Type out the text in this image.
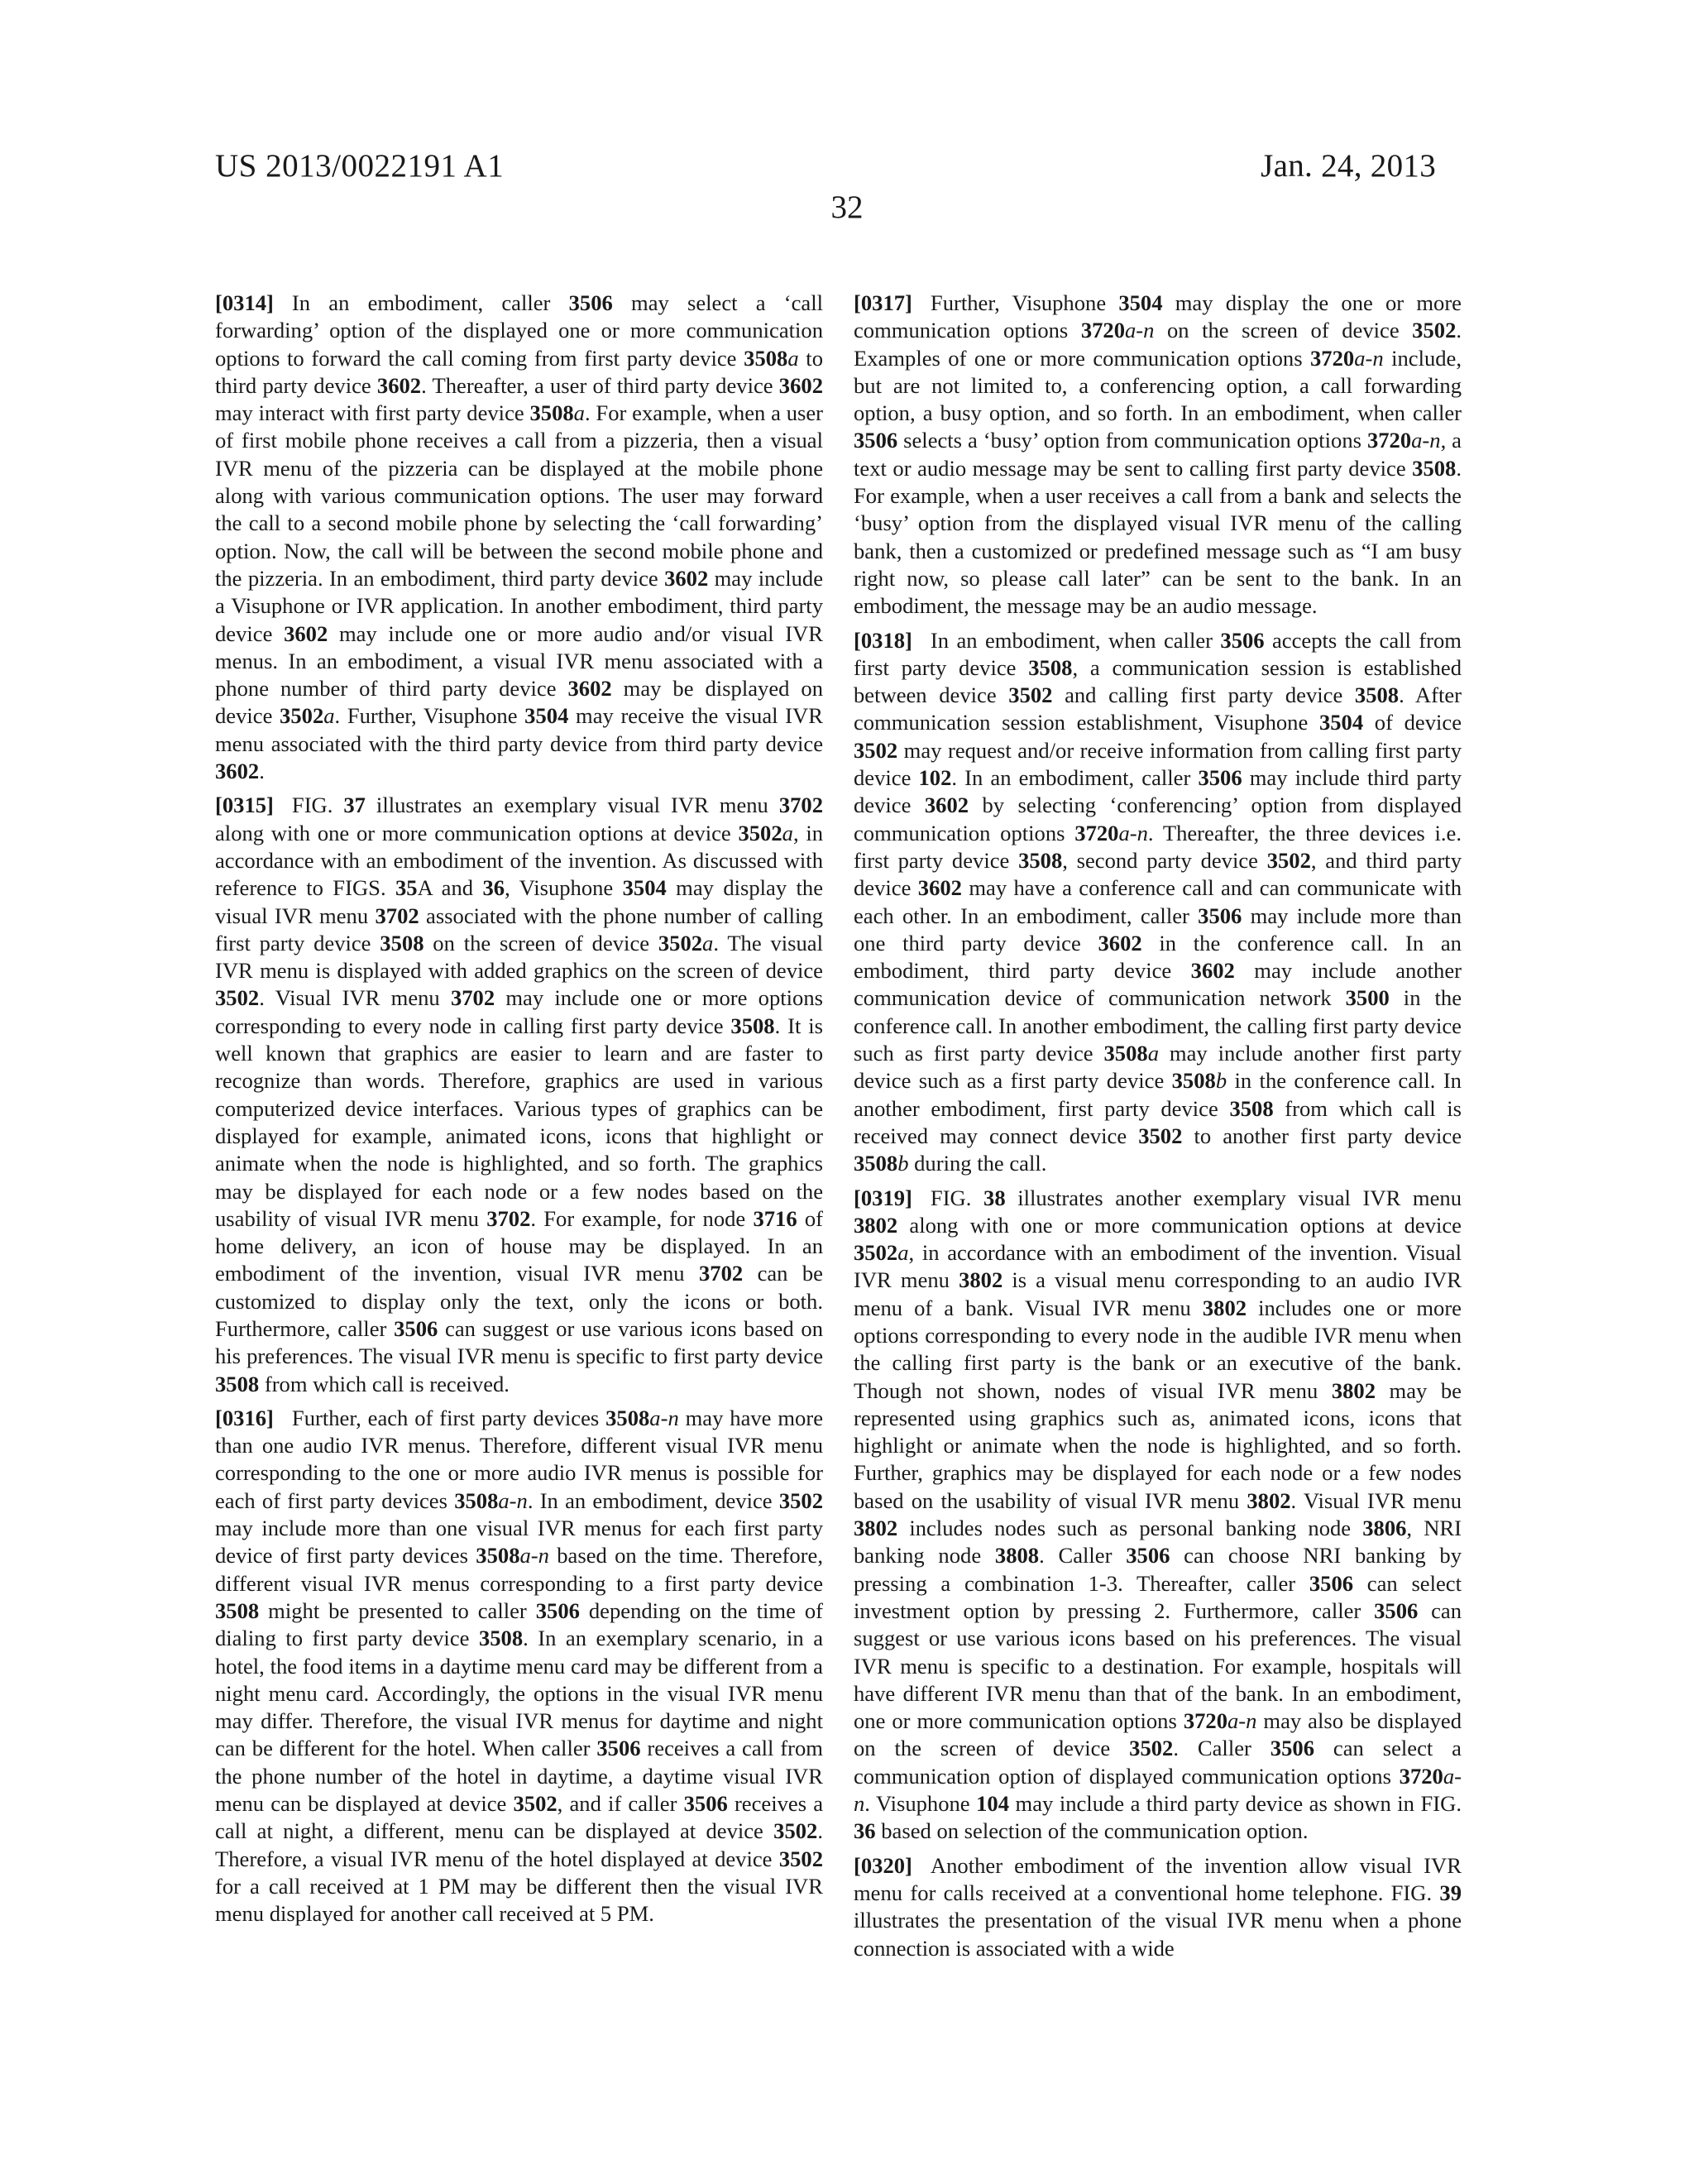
US 2013/0022191 A1	Jan. 24, 2013
32

[0314] In an embodiment, caller 3506 may select a ‘call forwarding’ option of the displayed one or more communication options to forward the call coming from first party device 3508a to third party device 3602. Thereafter, a user of third party device 3602 may interact with first party device 3508a. For example, when a user of first mobile phone receives a call from a pizzeria, then a visual IVR menu of the pizzeria can be displayed at the mobile phone along with various communication options. The user may forward the call to a second mobile phone by selecting the ‘call forwarding’ option. Now, the call will be between the second mobile phone and the pizzeria. In an embodiment, third party device 3602 may include a Visuphone or IVR application. In another embodiment, third party device 3602 may include one or more audio and/or visual IVR menus. In an embodiment, a visual IVR menu associated with a phone number of third party device 3602 may be displayed on device 3502a. Further, Visuphone 3504 may receive the visual IVR menu associated with the third party device from third party device 3602.

[0315] FIG. 37 illustrates an exemplary visual IVR menu 3702 along with one or more communication options at device 3502a, in accordance with an embodiment of the invention. As discussed with reference to FIGS. 35A and 36, Visuphone 3504 may display the visual IVR menu 3702 associated with the phone number of calling first party device 3508 on the screen of device 3502a. The visual IVR menu is displayed with added graphics on the screen of device 3502. Visual IVR menu 3702 may include one or more options corresponding to every node in calling first party device 3508. It is well known that graphics are easier to learn and are faster to recognize than words. Therefore, graphics are used in various computerized device interfaces. Various types of graphics can be displayed for example, animated icons, icons that highlight or animate when the node is highlighted, and so forth. The graphics may be displayed for each node or a few nodes based on the usability of visual IVR menu 3702. For example, for node 3716 of home delivery, an icon of house may be displayed. In an embodiment of the invention, visual IVR menu 3702 can be customized to display only the text, only the icons or both. Furthermore, caller 3506 can suggest or use various icons based on his preferences. The visual IVR menu is specific to first party device 3508 from which call is received.

[0316] Further, each of first party devices 3508a-n may have more than one audio IVR menus. Therefore, different visual IVR menu corresponding to the one or more audio IVR menus is possible for each of first party devices 3508a-n. In an embodiment, device 3502 may include more than one visual IVR menus for each first party device of first party devices 3508a-n based on the time. Therefore, different visual IVR menus corresponding to a first party device 3508 might be presented to caller 3506 depending on the time of dialing to first party device 3508. In an exemplary scenario, in a hotel, the food items in a daytime menu card may be different from a night menu card. Accordingly, the options in the visual IVR menu may differ. Therefore, the visual IVR menus for daytime and night can be different for the hotel. When caller 3506 receives a call from the phone number of the hotel in daytime, a daytime visual IVR menu can be displayed at device 3502, and if caller 3506 receives a call at night, a different, menu can be displayed at device 3502. Therefore, a visual IVR menu of the hotel displayed at device 3502 for a call received at 1 PM may be different then the visual IVR menu displayed for another call received at 5 PM.

[0317] Further, Visuphone 3504 may display the one or more communication options 3720a-n on the screen of device 3502. Examples of one or more communication options 3720a-n include, but are not limited to, a conferencing option, a call forwarding option, a busy option, and so forth. In an embodiment, when caller 3506 selects a ‘busy’ option from communication options 3720a-n, a text or audio message may be sent to calling first party device 3508. For example, when a user receives a call from a bank and selects the ‘busy’ option from the displayed visual IVR menu of the calling bank, then a customized or predefined message such as “I am busy right now, so please call later” can be sent to the bank. In an embodiment, the message may be an audio message.

[0318] In an embodiment, when caller 3506 accepts the call from first party device 3508, a communication session is established between device 3502 and calling first party device 3508. After communication session establishment, Visuphone 3504 of device 3502 may request and/or receive information from calling first party device 102. In an embodiment, caller 3506 may include third party device 3602 by selecting ‘conferencing’ option from displayed communication options 3720a-n. Thereafter, the three devices i.e. first party device 3508, second party device 3502, and third party device 3602 may have a conference call and can communicate with each other. In an embodiment, caller 3506 may include more than one third party device 3602 in the conference call. In an embodiment, third party device 3602 may include another communication device of communication network 3500 in the conference call. In another embodiment, the calling first party device such as first party device 3508a may include another first party device such as a first party device 3508b in the conference call. In another embodiment, first party device 3508 from which call is received may connect device 3502 to another first party device 3508b during the call.

[0319] FIG. 38 illustrates another exemplary visual IVR menu 3802 along with one or more communication options at device 3502a, in accordance with an embodiment of the invention. Visual IVR menu 3802 is a visual menu corresponding to an audio IVR menu of a bank. Visual IVR menu 3802 includes one or more options corresponding to every node in the audible IVR menu when the calling first party is the bank or an executive of the bank. Though not shown, nodes of visual IVR menu 3802 may be represented using graphics such as, animated icons, icons that highlight or animate when the node is highlighted, and so forth. Further, graphics may be displayed for each node or a few nodes based on the usability of visual IVR menu 3802. Visual IVR menu 3802 includes nodes such as personal banking node 3806, NRI banking node 3808. Caller 3506 can choose NRI banking by pressing a combination 1-3. Thereafter, caller 3506 can select investment option by pressing 2. Furthermore, caller 3506 can suggest or use various icons based on his preferences. The visual IVR menu is specific to a destination. For example, hospitals will have different IVR menu than that of the bank. In an embodiment, one or more communication options 3720a-n may also be displayed on the screen of device 3502. Caller 3506 can select a communication option of displayed communication options 3720a-n. Visuphone 104 may include a third party device as shown in FIG. 36 based on selection of the communication option.

[0320] Another embodiment of the invention allow visual IVR menu for calls received at a conventional home telephone. FIG. 39 illustrates the presentation of the visual IVR menu when a phone connection is associated with a wide
